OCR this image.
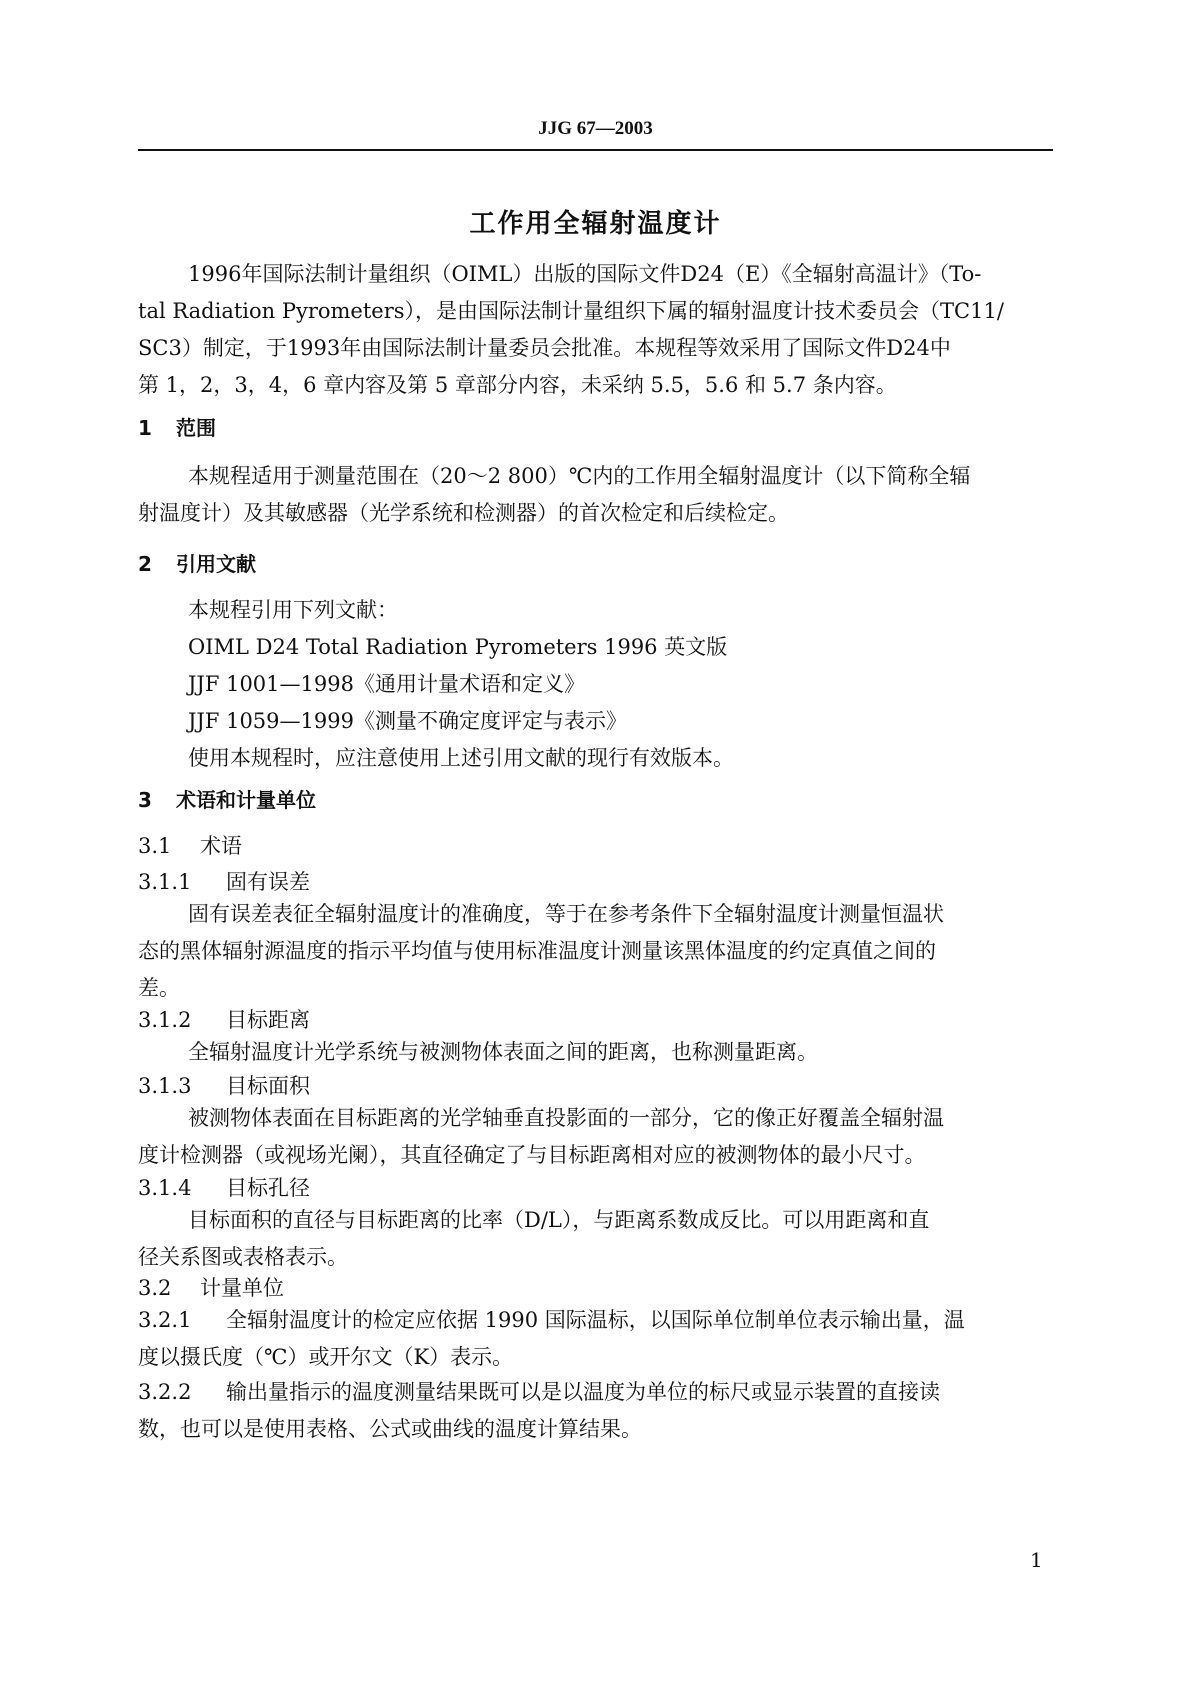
JJG 67—2003
工作用全辐射温度计

1996年国际法制计量组织（OIML）出版的国际文件D24（E）《全辐射高温计》（To-

tal Radiation Pyrometers），是由国际法制计量组织下属的辐射温度计技术委员会（TC11/

SC3）制定，于1993年由国际法制计量委员会批准。本规程等效采用了国际文件D24中

第 1，2，3，4，6 章内容及第 5 章部分内容，未采纳 5.5，5.6 和 5.7 条内容。

1 范围

本规程适用于测量范围在（20～2 800）℃内的工作用全辐射温度计（以下简称全辐

射温度计）及其敏感器（光学系统和检测器）的首次检定和后续检定。

2 引用文献

本规程引用下列文献：

OIML D24 Total Radiation Pyrometers 1996 英文版

JJF 1001—1998《通用计量术语和定义》

JJF 1059—1999《测量不确定度评定与表示》

使用本规程时，应注意使用上述引用文献的现行有效版本。

3 术语和计量单位
3.1 术语
3.1.1 固有误差

固有误差表征全辐射温度计的准确度，等于在参考条件下全辐射温度计测量恒温状

态的黑体辐射源温度的指示平均值与使用标准温度计测量该黑体温度的约定真值之间的

差。

3.1.2 目标距离

全辐射温度计光学系统与被测物体表面之间的距离，也称测量距离。

3.1.3 目标面积

被测物体表面在目标距离的光学轴垂直投影面的一部分，它的像正好覆盖全辐射温

度计检测器（或视场光阑），其直径确定了与目标距离相对应的被测物体的最小尺寸。

3.1.4 目标孔径

目标面积的直径与目标距离的比率（D/L），与距离系数成反比。可以用距离和直

径关系图或表格表示。

3.2 计量单位

3.2.1 全辐射温度计的检定应依据 1990 国际温标，以国际单位制单位表示输出量，温

度以摄氏度（℃）或开尔文（K）表示。

3.2.2 输出量指示的温度测量结果既可以是以温度为单位的标尺或显示装置的直接读

数，也可以是使用表格、公式或曲线的温度计算结果。

1
